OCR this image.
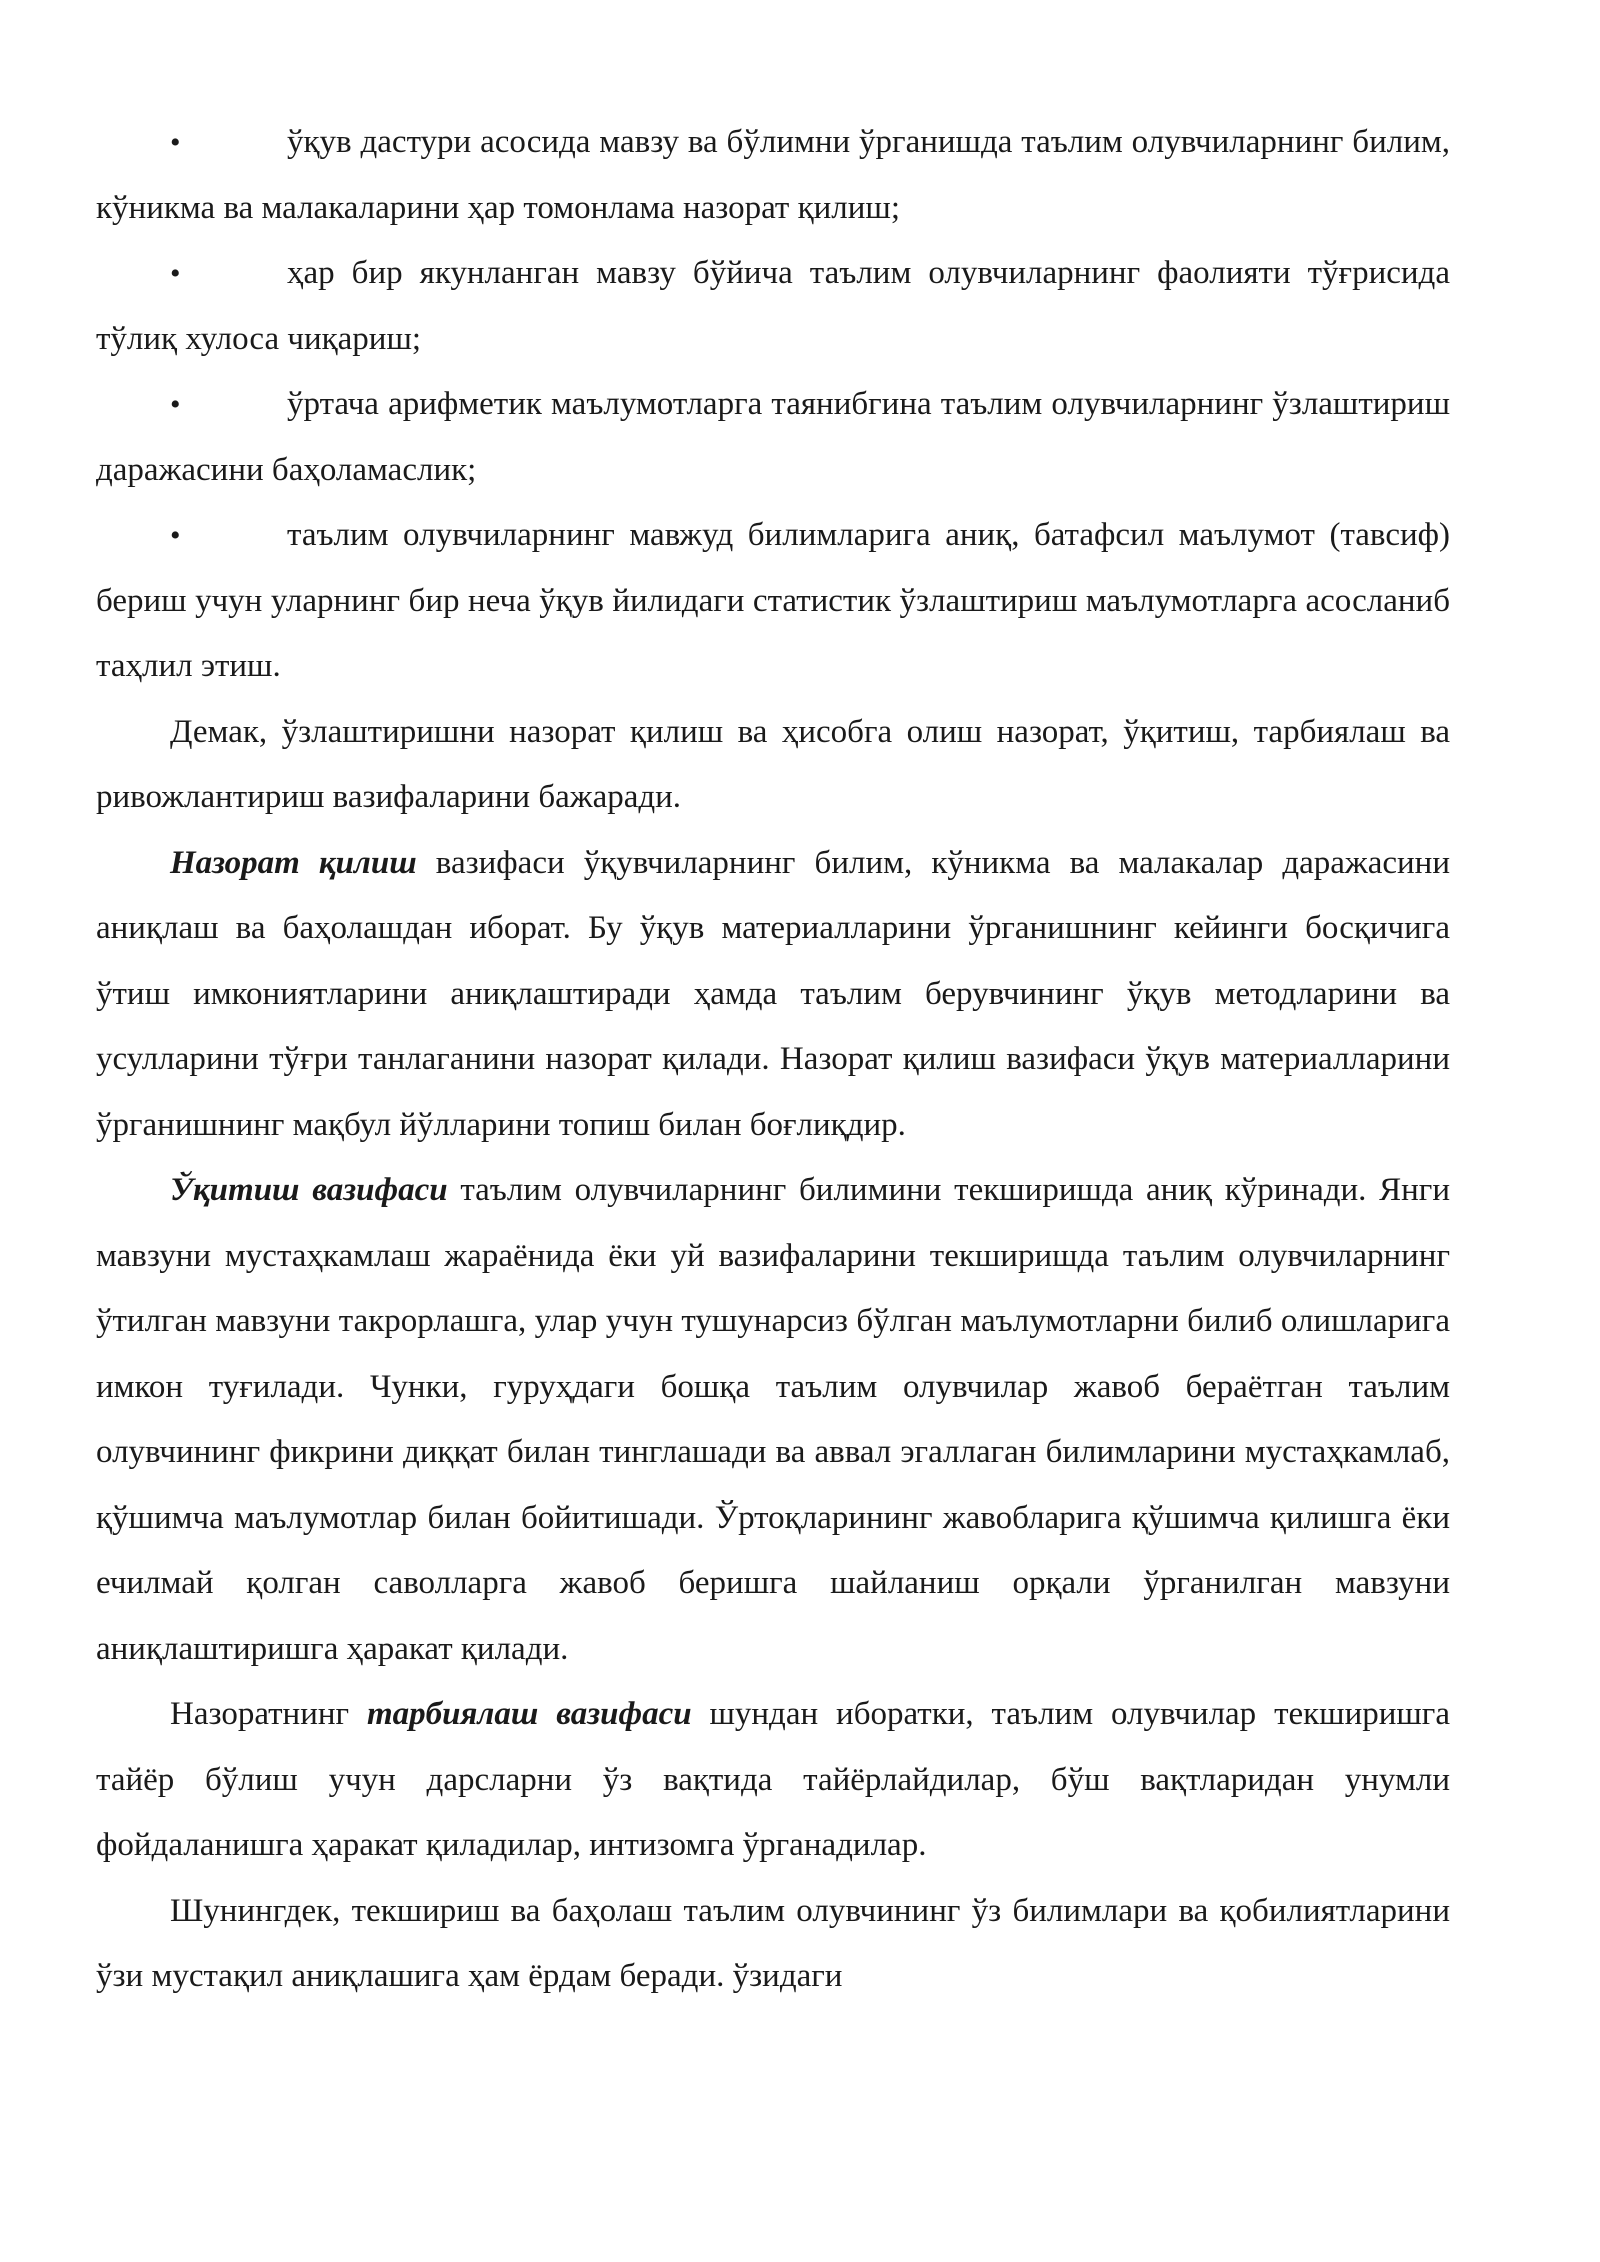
•	ўқув дастури асосида мавзу ва бўлимни ўрганишда таълим олувчиларнинг билим, кўникма ва малакаларини ҳар томонлама назорат қилиш;

•	ҳар бир якунланган мавзу бўйича таълим олувчиларнинг фаолияти тўғрисида тўлиқ хулоса чиқариш;

•	ўртача арифметик маълумотларга таянибгина таълим олувчиларнинг ўзлаштириш даражасини баҳоламаслик;

•	таълим олувчиларнинг мавжуд билимларига аниқ, батафсил маълумот (тавсиф) бериш учун уларнинг бир неча ўқув йилидаги статистик ўзлаштириш маълумотларга асосланиб таҳлил этиш.

Демак, ўзлаштиришни назорат қилиш ва ҳисобга олиш назорат, ўқитиш, тарбиялаш ва ривожлантириш вазифаларини бажаради.

Назорат қилиш вазифаси ўқувчиларнинг билим, кўникма ва малакалар даражасини аниқлаш ва баҳолашдан иборат. Бу ўқув материалларини ўрганишнинг кейинги босқичига ўтиш имкониятларини аниқлаштиради ҳамда таълим берувчининг ўқув методларини ва усулларини тўғри танлаганини назорат қилади. Назорат қилиш вазифаси ўқув материалларини ўрганишнинг мақбул йўлларини топиш билан боғлиқдир.

Ўқитиш вазифаси таълим олувчиларнинг билимини текширишда аниқ кўринади. Янги мавзуни мустаҳкамлаш жараёнида ёки уй вазифаларини текширишда таълим олувчиларнинг ўтилган мавзуни такрорлашга, улар учун тушунарсиз бўлган маълумотларни билиб олишларига имкон туғилади. Чунки, гуруҳдаги бошқа таълим олувчилар жавоб бераётган таълим олувчининг фикрини диққат билан тинглашади ва аввал эгаллаган билимларини мустаҳкамлаб, қўшимча маълумотлар билан бойитишади. Ўртоқларининг жавобларига қўшимча қилишга ёки ечилмай қолган саволларга жавоб беришга шайланиш орқали ўрганилган мавзуни аниқлаштиришга ҳаракат қилади.

Назоратнинг тарбиялаш вазифаси шундан иборатки, таълим олувчилар текширишга тайёр бўлиш учун дарсларни ўз вақтида тайёрлайдилар, бўш вақтларидан унумли фойдаланишга ҳаракат қиладилар, интизомга ўрганадилар.

Шунингдек, текшириш ва баҳолаш таълим олувчининг ўз билимлари ва қобилиятларини ўзи мустақил аниқлашига ҳам ёрдам беради. ўзидаги
